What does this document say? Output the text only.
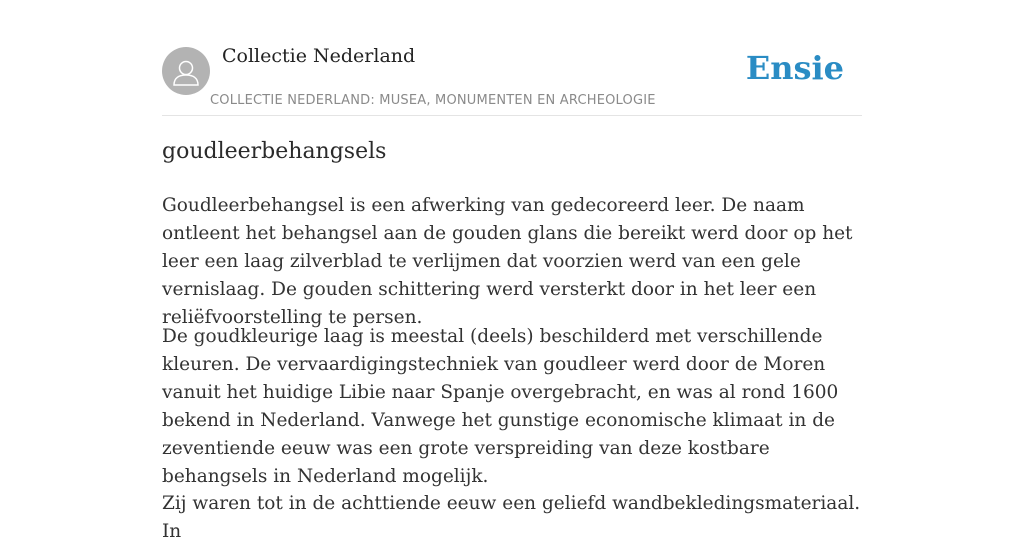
Collectie Nederland
COLLECTIE NEDERLAND: MUSEA, MONUMENTEN EN ARCHEOLOGIE
Ensie
goudleerbehangsels

Goudleerbehangsel is een afwerking van gedecoreerd leer. De naam ontleent het behangsel aan de gouden glans die bereikt werd door op het leer een laag zilverblad te verlijmen dat voorzien werd van een gele vernislaag. De gouden schittering werd versterkt door in het leer een reliëfvoorstelling te persen.

De goudkleurige laag is meestal (deels) beschilderd met verschillende kleuren. De vervaardigingstechniek van goudleer werd door de Moren vanuit het huidige Libie naar Spanje overgebracht, en was al rond 1600 bekend in Nederland. Vanwege het gunstige economische klimaat in de zeventiende eeuw was een grote verspreiding van deze kostbare behangsels in Nederland mogelijk.

Zij waren tot in de achttiende eeuw een geliefd wandbekledingsmateriaal. In
